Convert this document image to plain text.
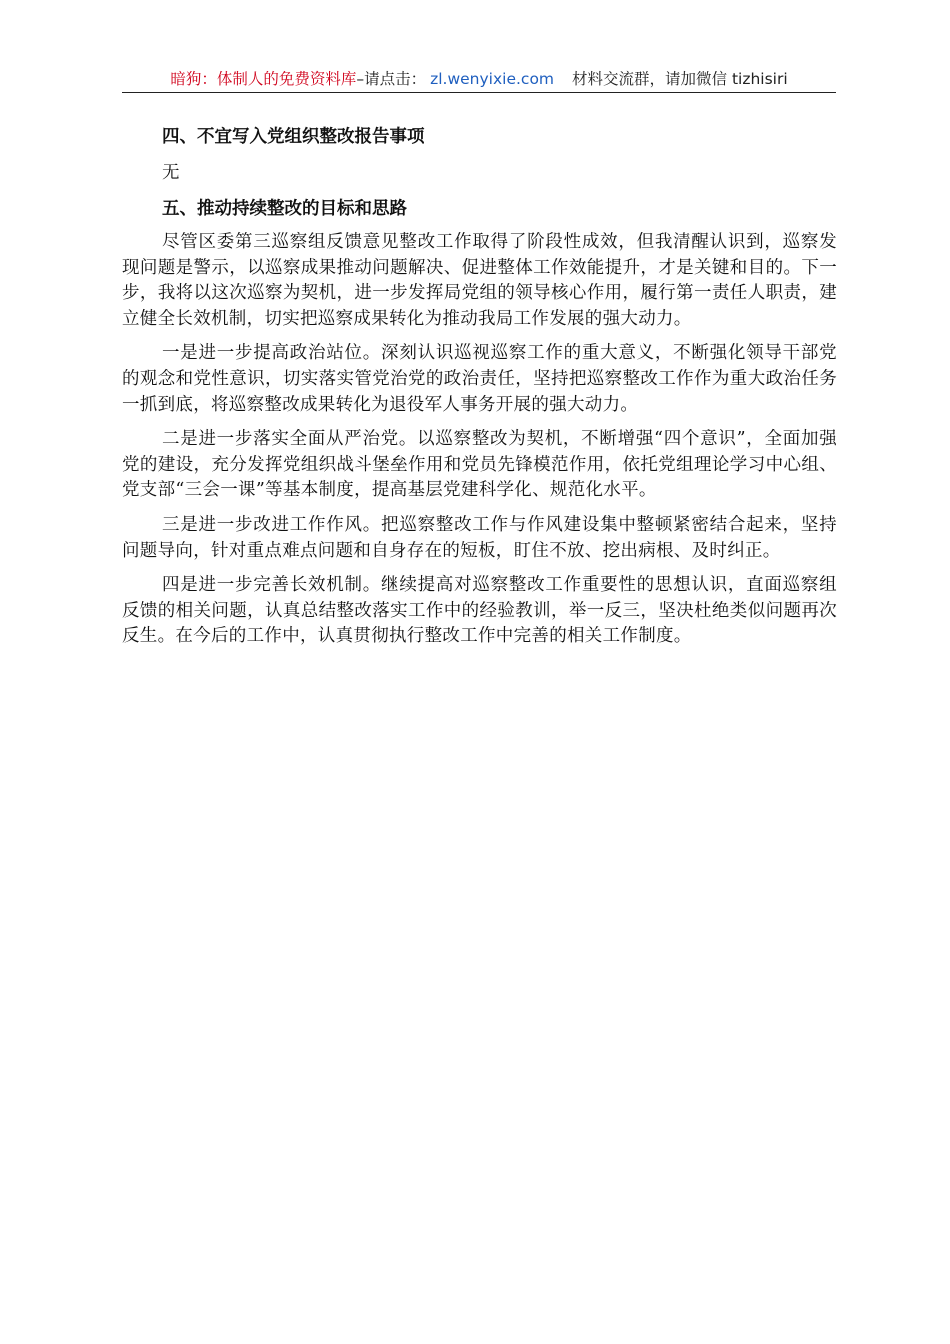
暗狗：体制人的免费资料库–请点击： zl.wenyixie.com 材料交流群，请加微信 tizhisiri
四、不宜写入党组织整改报告事项
无
五、推动持续整改的目标和思路

尽管区委第三巡察组反馈意见整改工作取得了阶段性成效，但我清醒认识到，巡察发现问题是警示，以巡察成果推动问题解决、促进整体工作效能提升，才是关键和目的。下一步，我将以这次巡察为契机，进一步发挥局党组的领导核心作用，履行第一责任人职责，建立健全长效机制，切实把巡察成果转化为推动我局工作发展的强大动力。

一是进一步提高政治站位。深刻认识巡视巡察工作的重大意义，不断强化领导干部党的观念和党性意识，切实落实管党治党的政治责任，坚持把巡察整改工作作为重大政治任务一抓到底，将巡察整改成果转化为退役军人事务开展的强大动力。

二是进一步落实全面从严治党。以巡察整改为契机，不断增强“四个意识”，全面加强党的建设，充分发挥党组织战斗堡垒作用和党员先锋模范作用，依托党组理论学习中心组、党支部“三会一课”等基本制度，提高基层党建科学化、规范化水平。

三是进一步改进工作作风。把巡察整改工作与作风建设集中整顿紧密结合起来，坚持问题导向，针对重点难点问题和自身存在的短板，盯住不放、挖出病根、及时纠正。

四是进一步完善长效机制。继续提高对巡察整改工作重要性的思想认识，直面巡察组反馈的相关问题，认真总结整改落实工作中的经验教训，举一反三，坚决杜绝类似问题再次反生。在今后的工作中，认真贯彻执行整改工作中完善的相关工作制度。
